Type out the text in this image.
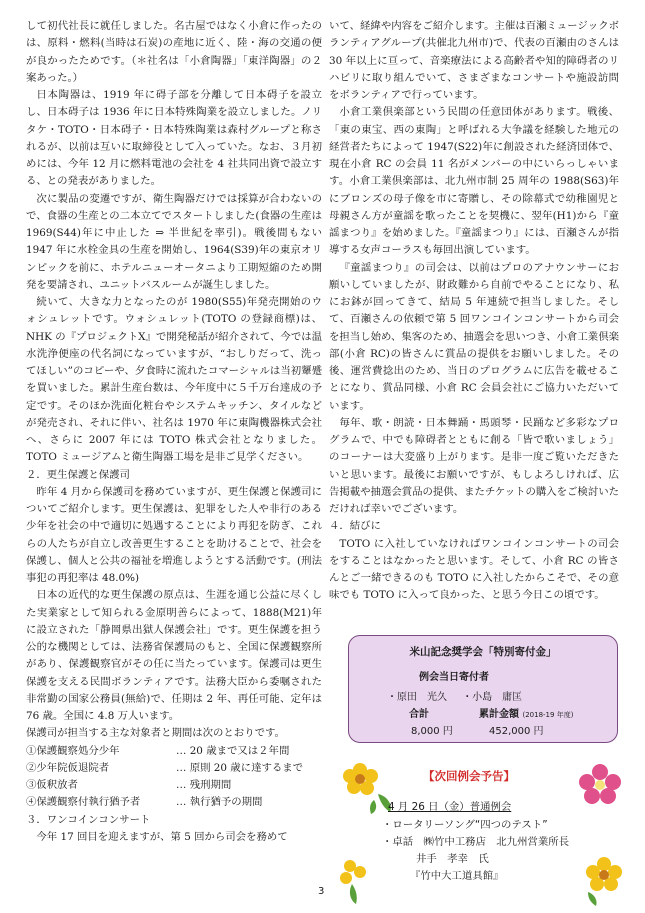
して初代社長に就任しました。名古屋ではなく小倉に作ったのは、原料・燃料(当時は石炭)の産地に近く、陸・海の交通の便が良かったためです。（＊社名は「小倉陶器」「東洋陶器」の２案あった。）

日本陶器は、1919 年に碍子部を分離して日本碍子を設立し、日本碍子は 1936 年に日本特殊陶業を設立しました。ノリタケ・TOTO・日本碍子・日本特殊陶業は森村グループと称されるが、以前は互いに取締役として入っていた。なお、３月初めには、今年 12 月に燃料電池の会社を 4 社共同出資で設立する、との発表がありました。

次に製品の変遷ですが、衛生陶器だけでは採算が合わないので、食器の生産との二本立てでスタートしました(食器の生産は 1969(S44)年に中止した ⇒ 半世紀を率引)。戦後間もない 1947 年に水栓金具の生産を開始し、1964(S39)年の東京オリンピックを前に、ホテルニューオータニより工期短縮のため開発を要請され、ユニットバスルームが誕生しました。

続いて、大きな力となったのが 1980(S55)年発売開始のウォシュレットです。ウォシュレット(TOTO の登録商標)は、NHK の『プロジェクトX』で開発秘話が紹介されて、今では温水洗浄便座の代名詞になっていますが、“おしりだって、洗ってほしい”のコピーや、夕食時に流れたコマーシャルは当初顰蹙を買いました。累計生産台数は、今年度中に５千万台達成の予定です。そのほか洗面化粧台やシステムキッチン、タイルなどが発売され、それに伴い、社名は 1970 年に東陶機器株式会社へ、さらに 2007 年には TOTO 株式会社となりました。TOTO ミュージアムと衛生陶器工場を是非ご見学ください。

２．更生保護と保護司

昨年 4 月から保護司を務めていますが、更生保護と保護司についてご紹介します。更生保護は、犯罪をした人や非行のある少年を社会の中で適切に処遇することにより再犯を防ぎ、これらの人たちが自立し改善更生することを助けることで、社会を保護し、個人と公共の福祉を増進しようとする活動です。(刑法事犯の再犯率は 48.0%)

日本の近代的な更生保護の原点は、生涯を通じ公益に尽くした実業家として知られる金原明善らによって、1888(M21)年に設立された「静岡県出獄人保護会社」です。更生保護を担う公的な機関としては、法務省保護局のもと、全国に保護観察所があり、保護観察官がその任に当たっています。保護司は更生保護を支える民間ボランティアです。法務大臣から委嘱された非常勤の国家公務員(無給)で、任期は 2 年、再任可能、定年は 76 歳。全国に 4.8 万人います。

保護司が担当する主な対象者と期間は次のとおりです。

①保護観察処分少年	… 20 歳まで又は２年間
②少年院仮退院者	… 原則 20 歳に達するまで
③仮釈放者	… 残刑期間
④保護観察付執行猶予者	… 執行猶予の期間
３．ワンコインコンサート

今年 17 回目を迎えますが、第 5 回から司会を務めて

いて、経緯や内容をご紹介します。主催は百瀬ミュージックボランティアグループ(共催北九州市)で、代表の百瀬由のさんは 30 年以上に亘って、音楽療法による高齢者や知的障碍者のリハビリに取り組んでいて、さまざまなコンサートや施設訪問をボランティアで行っています。

小倉工業倶楽部という民間の任意団体があります。戦後、「東の東宝、西の東陶」と呼ばれる大争議を経験した地元の経営者たちによって 1947(S22)年に創設された経済団体で、現在小倉 RC の会員 11 名がメンバーの中にいらっしゃいます。小倉工業倶楽部は、北九州市制 25 周年の 1988(S63)年にブロンズの母子像を市に寄贈し、その除幕式で幼稚園児と母親さん方が童謡を歌ったことを契機に、翌年(H1)から『童謡まつり』を始めました。『童謡まつり』には、百瀬さんが指導する女声コーラスも毎回出演しています。

『童謡まつり』の司会は、以前はプロのアナウンサーにお願いしていましたが、財政難から自前でやることになり、私にお鉢が回ってきて、結局 5 年連続で担当しました。そして、百瀬さんの依頼で第 5 回ワンコインコンサートから司会を担当し始め、集客のため、抽選会を思いつき、小倉工業倶楽部(小倉 RC)の皆さんに賞品の提供をお願いしました。その後、運営費捻出のため、当日のプログラムに広告を載せることになり、賞品同様、小倉 RC 会員会社にご協力いただいています。

毎年、歌・朗読・日本舞踊・馬頭琴・民踊など多彩なプログラムで、中でも障碍者とともに創る「皆で歌いましょう」のコーナーは大変盛り上がります。是非一度ご覧いただきたいと思います。最後にお願いですが、もしよろしければ、広告掲載や抽選会賞品の提供、またチケットの購入をご検討いただければ幸いでございます。

４．結びに

TOTO に入社していなければワンコインコンサートの司会をすることはなかったと思います。そして、小倉 RC の皆さんとご一緒できるのも TOTO に入社したからこそで、その意味でも TOTO に入って良かった、と思う今日この頃です。

米山記念奨学会「特別寄付金」
例会当日寄付者
・原田　光久 ・小島　庸匡
合計	累計金額 (2018-19 年度)
8,000 円	452,000 円
【次回例会予告】
4 月 26 日（金）普通例会
・ロータリーソング“四つのテスト”
・卓話　㈱竹中工務店　北九州営業所長
井手　孝幸　氏
『竹中大工道具館』
3
